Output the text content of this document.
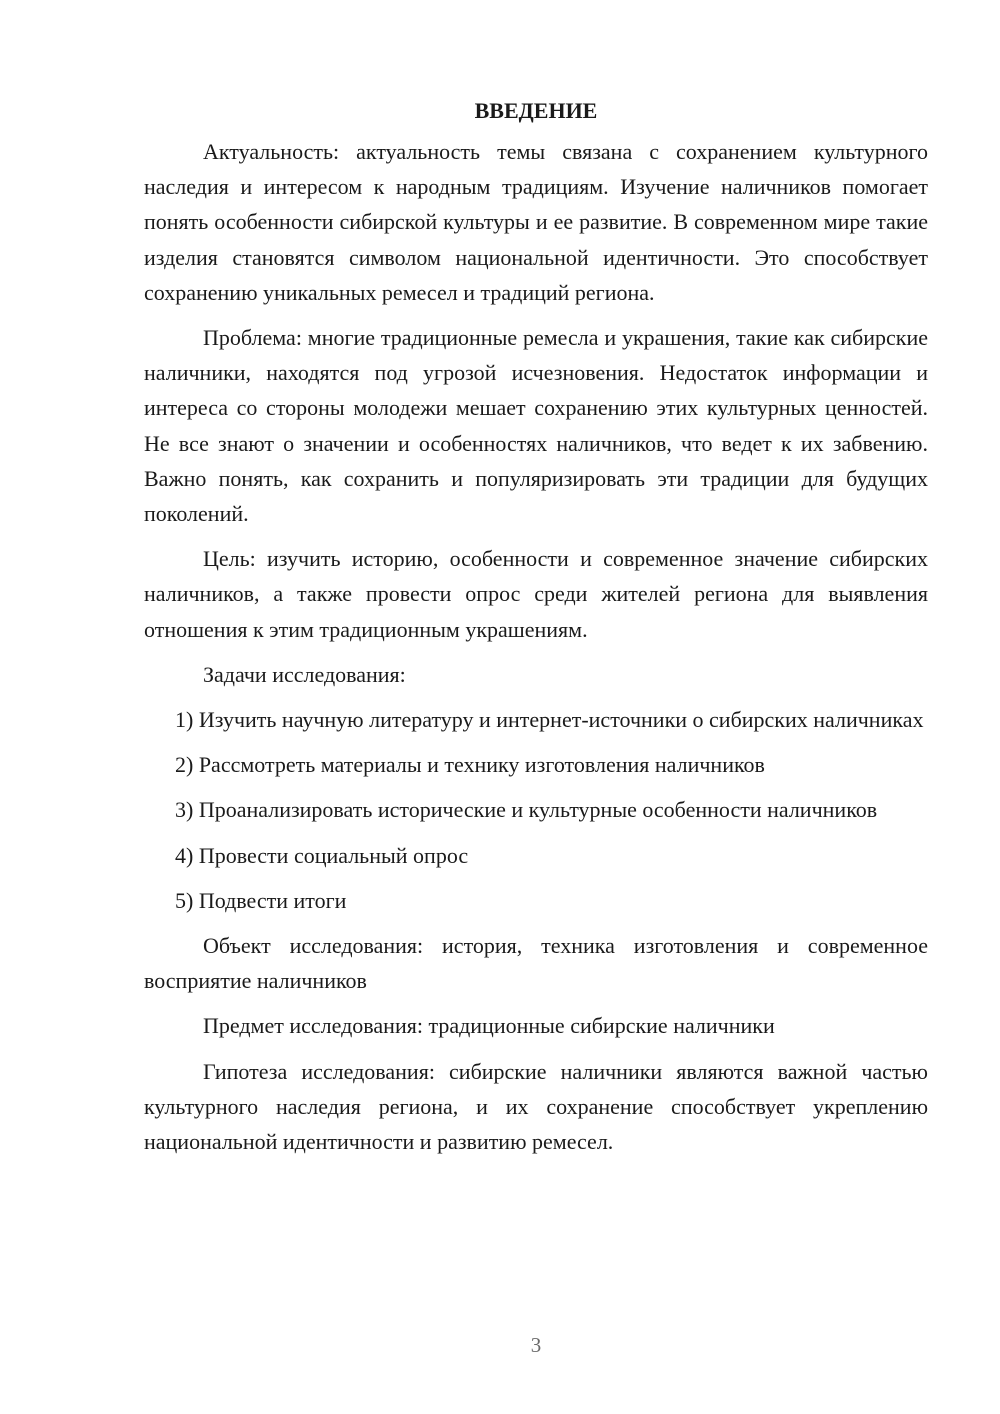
ВВЕДЕНИЕ

Актуальность: актуальность темы связана с сохранением культурного наследия и интересом к народным традициям. Изучение наличников помогает понять особенности сибирской культуры и ее развитие. В современном мире такие изделия становятся символом национальной идентичности. Это способствует сохранению уникальных ремесел и традиций региона.

Проблема: многие традиционные ремесла и украшения, такие как сибирские наличники, находятся под угрозой исчезновения. Недостаток информации и интереса со стороны молодежи мешает сохранению этих культурных ценностей. Не все знают о значении и особенностях наличников, что ведет к их забвению. Важно понять, как сохранить и популяризировать эти традиции для будущих поколений.

Цель: изучить историю, особенности и современное значение сибирских наличников, а также провести опрос среди жителей региона для выявления отношения к этим традиционным украшениям.

Задачи исследования:

1) Изучить научную литературу и интернет-источники о сибирских наличниках

2) Рассмотреть материалы и технику изготовления наличников

3) Проанализировать исторические и культурные особенности наличников

4) Провести социальный опрос

5) Подвести итоги

Объект исследования: история, техника изготовления и современное восприятие наличников

Предмет исследования: традиционные сибирские наличники

Гипотеза исследования: сибирские наличники являются важной частью культурного наследия региона, и их сохранение способствует укреплению национальной идентичности и развитию ремесел.

3
